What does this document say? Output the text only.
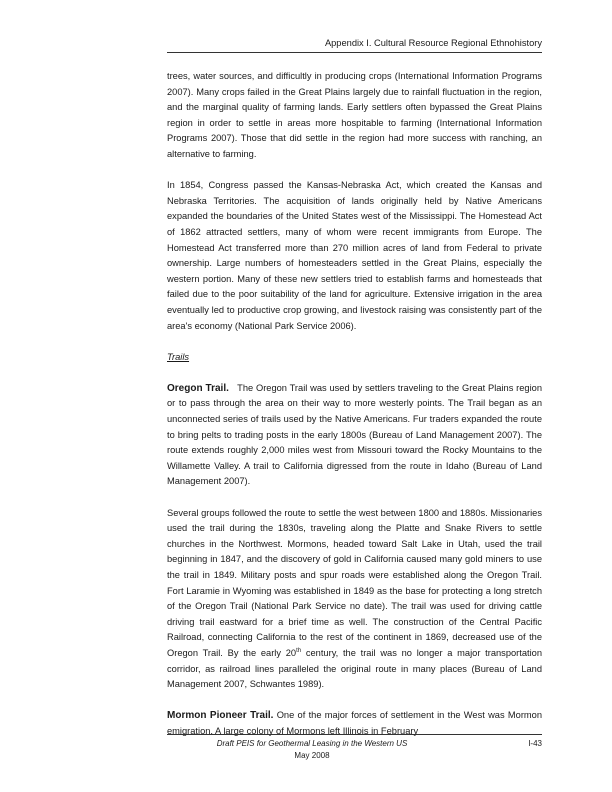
Appendix I. Cultural Resource Regional Ethnohistory

trees, water sources, and difficultly in producing crops (International Information Programs 2007). Many crops failed in the Great Plains largely due to rainfall fluctuation in the region, and the marginal quality of farming lands. Early settlers often bypassed the Great Plains region in order to settle in areas more hospitable to farming (International Information Programs 2007). Those that did settle in the region had more success with ranching, an alternative to farming.

In 1854, Congress passed the Kansas-Nebraska Act, which created the Kansas and Nebraska Territories. The acquisition of lands originally held by Native Americans expanded the boundaries of the United States west of the Mississippi. The Homestead Act of 1862 attracted settlers, many of whom were recent immigrants from Europe. The Homestead Act transferred more than 270 million acres of land from Federal to private ownership. Large numbers of homesteaders settled in the Great Plains, especially the western portion. Many of these new settlers tried to establish farms and homesteads that failed due to the poor suitability of the land for agriculture. Extensive irrigation in the area eventually led to productive crop growing, and livestock raising was consistently part of the area's economy (National Park Service 2006).

Trails

Oregon Trail. The Oregon Trail was used by settlers traveling to the Great Plains region or to pass through the area on their way to more westerly points. The Trail began as an unconnected series of trails used by the Native Americans. Fur traders expanded the route to bring pelts to trading posts in the early 1800s (Bureau of Land Management 2007). The route extends roughly 2,000 miles west from Missouri toward the Rocky Mountains to the Willamette Valley. A trail to California digressed from the route in Idaho (Bureau of Land Management 2007).

Several groups followed the route to settle the west between 1800 and 1880s. Missionaries used the trail during the 1830s, traveling along the Platte and Snake Rivers to settle churches in the Northwest. Mormons, headed toward Salt Lake in Utah, used the trail beginning in 1847, and the discovery of gold in California caused many gold miners to use the trail in 1849. Military posts and spur roads were established along the Oregon Trail. Fort Laramie in Wyoming was established in 1849 as the base for protecting a long stretch of the Oregon Trail (National Park Service no date). The trail was used for driving cattle driving trail eastward for a brief time as well. The construction of the Central Pacific Railroad, connecting California to the rest of the continent in 1869, decreased use of the Oregon Trail. By the early 20th century, the trail was no longer a major transportation corridor, as railroad lines paralleled the original route in many places (Bureau of Land Management 2007, Schwantes 1989).

Mormon Pioneer Trail. One of the major forces of settlement in the West was Mormon emigration. A large colony of Mormons left Illinois in February

Draft PEIS for Geothermal Leasing in the Western US
May 2008
I-43
